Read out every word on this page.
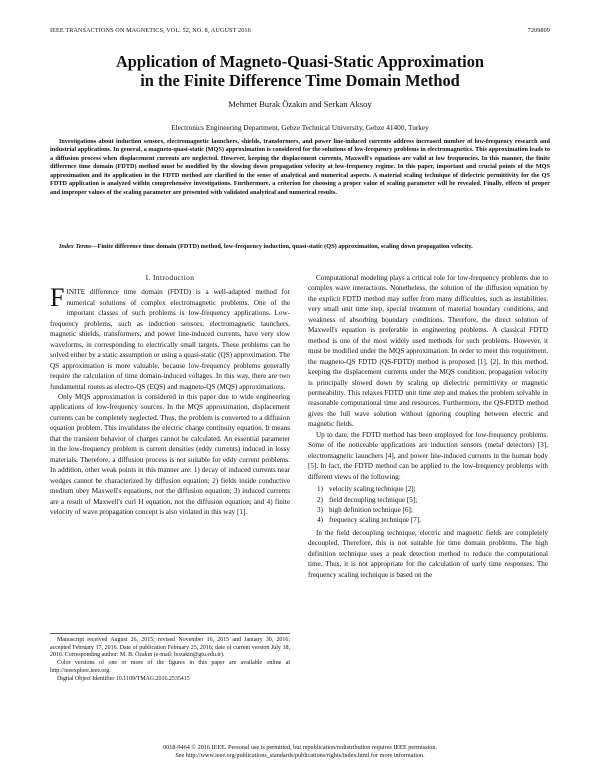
IEEE TRANSACTIONS ON MAGNETICS, VOL. 52, NO. 8, AUGUST 2016	7209809
Application of Magneto-Quasi-Static Approximation
in the Finite Difference Time Domain Method
Mehmet Burak Özakın and Serkan Aksoy
Electronics Engineering Department, Gebze Technical University, Gebze 41400, Turkey

Investigations about induction sensors, electromagnetic launchers, shields, transformers, and power line-induced currents address increased number of low-frequency research and industrial applications. In general, a magneto-quasi-static (MQS) approximation is considered for the solutions of low-frequency problems in electromagnetics. This approximation leads to a diffusion process when displacement currents are neglected. However, keeping the displacement currents, Maxwell's equations are valid at low frequencies. In this manner, the finite difference time domain (FDTD) method must be modified by the slowing down propagation velocity at low-frequency regime. In this paper, important and crucial points of the MQS approximation and its application in the FDTD method are clarified in the sense of analytical and numerical aspects. A material scaling technique of dielectric permittivity for the QS FDTD application is analyzed within comprehensive investigations. Furthermore, a criterion for choosing a proper value of scaling parameter will be revealed. Finally, effects of proper and improper values of the scaling parameter are presented with validated analytical and numerical results.

Index Terms—Finite difference time domain (FDTD) method, low-frequency induction, quasi-static (QS) approximation, scaling down propagation velocity.

I. Introduction
F INITE difference time domain (FDTD) is a well-adapted method for numerical solutions of complex electromagnetic problems. One of the important classes of such problems is low-frequency applications. Low-frequency problems, such as induction sensors, electromagnetic launchers, magnetic shields, transformers, and power line-induced currents, have very slow waveforms, in corresponding to electrically small targets. These problems can be solved either by a static assumption or using a quasi-static (QS) approximation. The QS approximation is more valuable, because low-frequency problems generally require the calculation of time domain-induced voltages. In this way, there are two fundamental routes as electro-QS (EQS) and magneto-QS (MQS) approximations.

Only MQS approximation is considered in this paper due to wide engineering applications of low-frequency sources. In the MQS approximation, displacement currents can be completely neglected. Thus, the problem is converted to a diffusion equation problem. This invalidates the electric charge continuity equation. It means that the transient behavior of charges cannot be calculated. An essential parameter in the low-frequency problem is current densities (eddy currents) induced in lossy materials. Therefore, a diffusion process is not suitable for eddy current problems. In addition, other weak points in this manner are: 1) decay of induced currents near wedges cannot be characterized by diffusion equation; 2) fields inside conductive medium obey Maxwell's equations, not the diffusion equation; 3) induced currents are a result of Maxwell's curl H equation, not the diffusion equation; and 4) finite velocity of wave propagation concept is also violated in this way [1].

Manuscript received August 26, 2015; revised November 16, 2015 and January 30, 2016; accepted February 17, 2016. Date of publication February 25, 2016; date of current version July 18, 2016. Corresponding author: M. B. Özakın (e-mail: bozakin@gtu.edu.tr).

Color versions of one or more of the figures in this paper are available online at http://ieeexplore.ieee.org.

Digital Object Identifier 10.1109/TMAG.2016.2535415

Computational modeling plays a critical role for low-frequency problems due to complex wave interactions. Nonetheless, the solution of the diffusion equation by the explicit FDTD method may suffer from many difficulties, such as instabilities, very small unit time step, special treatment of material boundary conditions, and weakness of absorbing boundary conditions. Therefore, the direct solution of Maxwell's equation is preferable in engineering problems. A classical FDTD method is one of the most widely used methods for such problems. However, it must be modified under the MQS approximation. In order to meet this requirement, the magneto-QS FDTD (QS-FDTD) method is proposed [1], [2]. In this method, keeping the displacement currents under the MQS condition, propagation velocity is principally slowed down by scaling up dielectric permittivity or magnetic permeability. This relaxes FDTD unit time step and makes the problem solvable in reasonable computational time and resources. Furthermore, the QS-FDTD method gives the full wave solution without ignoring coupling between electric and magnetic fields.

Up to date, the FDTD method has been employed for low-frequency problems. Some of the noticeable applications are induction sensors (metal detectors) [3], electromagnetic launchers [4], and power line-induced currents in the human body [5]. In fact, the FDTD method can be applied to the low-frequency problems with different views of the following:

1) velocity scaling technique [2];
2) field decoupling technique [5];
3) high definition technique [6];
4) frequency scaling technique [7].

In the field decoupling technique, electric and magnetic fields are completely decoupled. Therefore, this is not suitable for time domain problems. The high definition technique uses a peak detection method to reduce the computational time. Thus, it is not appropriate for the calculation of early time responses. The frequency scaling technique is based on the

0018-9464 © 2016 IEEE. Personal use is permitted, but republication/redistribution requires IEEE permission.
See http://www.ieee.org/publications_standards/publications/rights/index.html for more information.
